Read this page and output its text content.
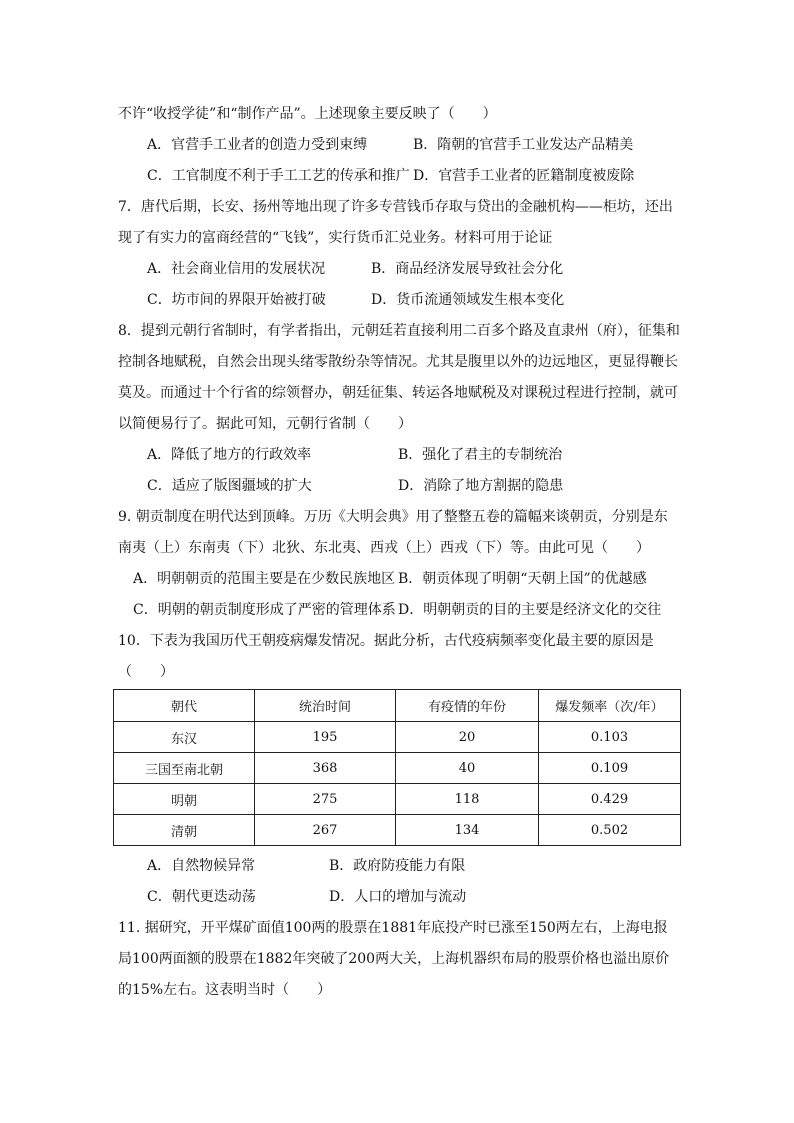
不许“收授学徒”和“制作产品”。上述现象主要反映了（　　）
A．官营手工业者的创造力受到束缚	B．隋朝的官营手工业发达产品精美
C．工官制度不利于手工工艺的传承和推广 D．官营手工业者的匠籍制度被废除
7．唐代后期，长安、扬州等地出现了许多专营钱币存取与贷出的金融机构——柜坊，还出
现了有实力的富商经营的“飞钱”，实行货币汇兑业务。材料可用于论证
A．社会商业信用的发展状况	B．商品经济发展导致社会分化
C．坊市间的界限开始被打破	D．货币流通领域发生根本变化
8．提到元朝行省制时，有学者指出，元朝廷若直接利用二百多个路及直隶州（府），征集和
控制各地赋税，自然会出现头绪零散纷杂等情况。尤其是腹里以外的边远地区，更显得鞭长
莫及。而通过十个行省的综领督办，朝廷征集、转运各地赋税及对课税过程进行控制，就可
以简便易行了。据此可知，元朝行省制（　　）
A．降低了地方的行政效率	B．强化了君主的专制统治
C．适应了版图疆域的扩大	D．消除了地方割据的隐患
9. 朝贡制度在明代达到顶峰。万历《大明会典》用了整整五卷的篇幅来谈朝贡，分别是东
南夷（上）东南夷（下）北狄、东北夷、西戎（上）西戎（下）等。由此可见（　　）
A．明朝朝贡的范围主要是在少数民族地区 B．朝贡体现了明朝“天朝上国”的优越感
C．明朝的朝贡制度形成了严密的管理体系 D．明朝朝贡的目的主要是经济文化的交往
10．下表为我国历代王朝疫病爆发情况。据此分析，古代疫病频率变化最主要的原因是
（　　）
朝代	统治时间	有疫情的年份	爆发频率（次/年）
东汉	195	20	0.103
三国至南北朝	368	40	0.109
明朝	275	118	0.429
清朝	267	134	0.502
A．自然物候异常	B．政府防疫能力有限
C．朝代更迭动荡	D．人口的增加与流动
11. 据研究，开平煤矿面值100两的股票在1881年底投产时已涨至150两左右，上海电报
局100两面额的股票在1882年突破了200两大关，上海机器织布局的股票价格也溢出原价
的15%左右。这表明当时（　　）
